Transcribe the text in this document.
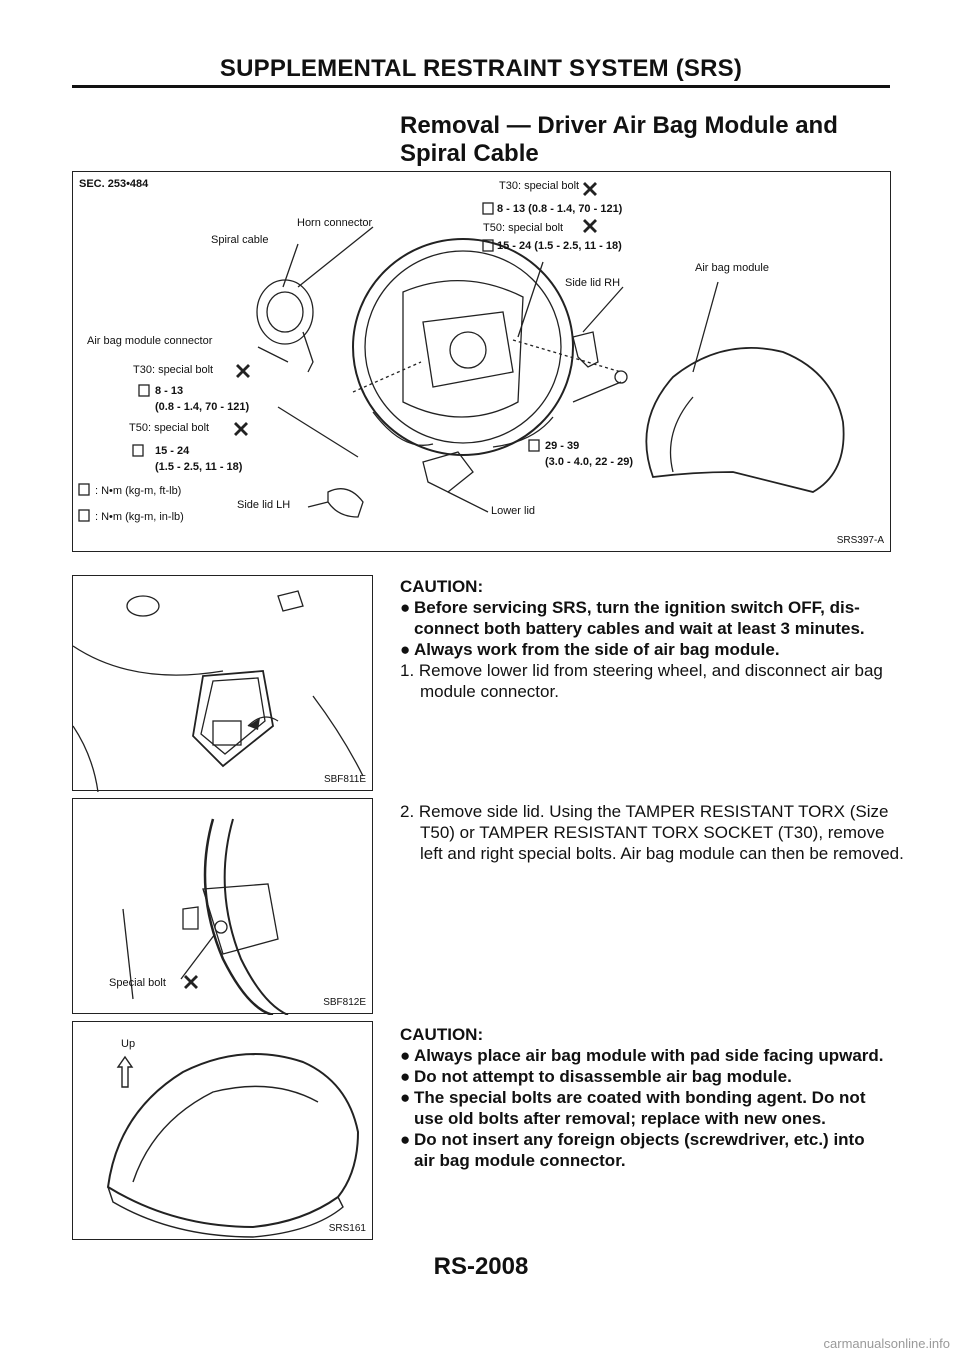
SUPPLEMENTAL RESTRAINT SYSTEM (SRS)
Removal — Driver Air Bag Module and Spiral Cable
SEC. 253•484	T30: special bolt
8 - 13 (0.8 - 1.4, 70 - 121)
T50: special bolt
15 - 24 (1.5 - 2.5, 11 - 18)
Horn connector
Spiral cable
Side lid RH
Air bag module
Air bag module connector
T30: special bolt
8 - 13
(0.8 - 1.4, 70 - 121)
T50: special bolt
15 - 24
(1.5 - 2.5, 11 - 18)
29 - 39
(3.0 - 4.0, 22 - 29)
: N•m (kg-m, ft-lb)
: N•m (kg-m, in-lb)
Side lid LH	Lower lid
SRS397-A
SBF811E
Special bolt
SBF812E
Up
SRS161
CAUTION:
● Before servicing SRS, turn the ignition switch OFF, dis-connect both battery cables and wait at least 3 minutes.
● Always work from the side of air bag module.
1. Remove lower lid from steering wheel, and disconnect air bag module connector.
2. Remove side lid. Using the TAMPER RESISTANT TORX (Size T50) or TAMPER RESISTANT TORX SOCKET (T30), remove left and right special bolts. Air bag module can then be removed.
CAUTION:
● Always place air bag module with pad side facing upward.
● Do not attempt to disassemble air bag module.
● The special bolts are coated with bonding agent. Do not use old bolts after removal; replace with new ones.
● Do not insert any foreign objects (screwdriver, etc.) into air bag module connector.
RS-2008
carmanualsonline.info
